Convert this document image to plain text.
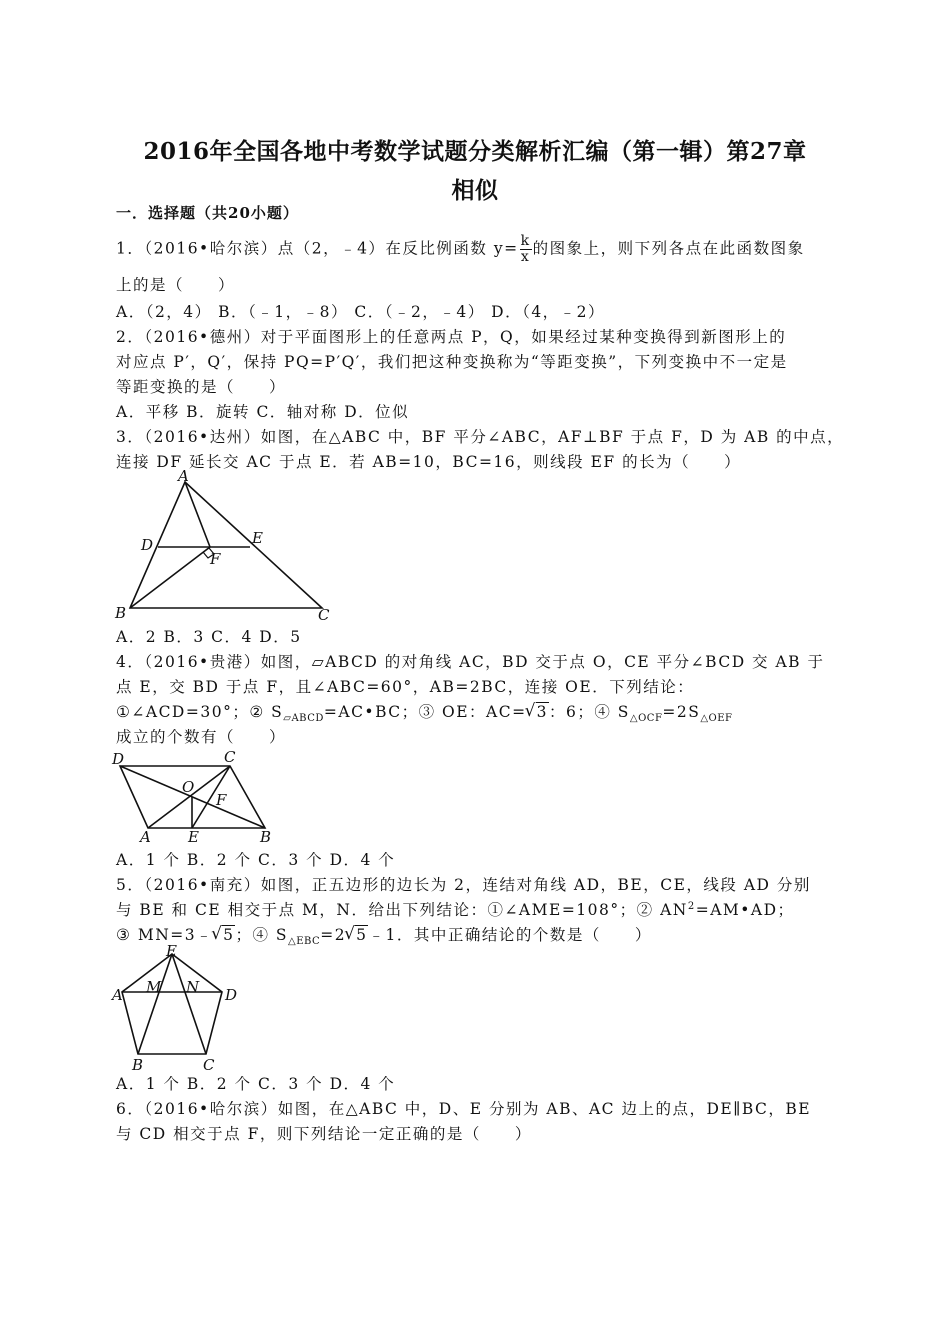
2016年全国各地中考数学试题分类解析汇编（第一辑）第27章
相似
一．选择题（共20小题）
1．（2016•哈尔滨）点（2，﹣4）在反比例函数 $y= \frac{k}{x}$ 的图象上，则下列各点在此函数图象
上的是（　　）
A．（2，4） B．（﹣1，﹣8） C．（﹣2，﹣4） D．（4，﹣2）
2．（2016•德州）对于平面图形上的任意两点 P，Q，如果经过某种变换得到新图形上的
对应点 P′，Q′，保持 PQ=P′Q′，我们把这种变换称为“等距变换”，下列变换中不一定是
等距变换的是（　　）
A．平移 B．旋转 C．轴对称 D．位似
3．（2016•达州）如图，在△ABC 中，BF 平分∠ABC，AF⊥BF 于点 F，D 为 AB 的中点，
连接 DF 延长交 AC 于点 E．若 AB=10，BC=16，则线段 EF 的长为（　　）
A
D	E
F
B	C
A．2 B．3 C．4 D．5
4．（2016•贵港）如图，▱ABCD 的对角线 AC，BD 交于点 O，CE 平分∠BCD 交 AB 于
点 E，交 BD 于点 F，且∠ABC=60°，AB=2BC，连接 OE．下列结论：
①∠ACD=30°；② $S_{▱ABCD}=AC•BC$；③ OE：AC=√ 3：6；④ $S_{\triangle OCF}=2S_{\triangle OEF}$
成立的个数有（　　）
D	C
O
F
A E	B
A．1 个 B．2 个 C．3 个 D．4 个
5．（2016•南充）如图，正五边形的边长为 2，连结对角线 AD，BE，CE，线段 AD 分别
与 BE 和 CE 相交于点 M，N．给出下列结论：①∠AME=108°；② $AN^2=AM•AD$；
③ MN=3﹣√ 5；④ $S_{\triangle EBC}=2√$ 5﹣1．其中正确结论的个数是（　　）
E
A M N D
B	C
A．1 个 B．2 个 C．3 个 D．4 个
6．（2016•哈尔滨）如图，在△ABC 中，D、E 分别为 AB、AC 边上的点，DE∥BC，BE
与 CD 相交于点 F，则下列结论一定正确的是（　　）
